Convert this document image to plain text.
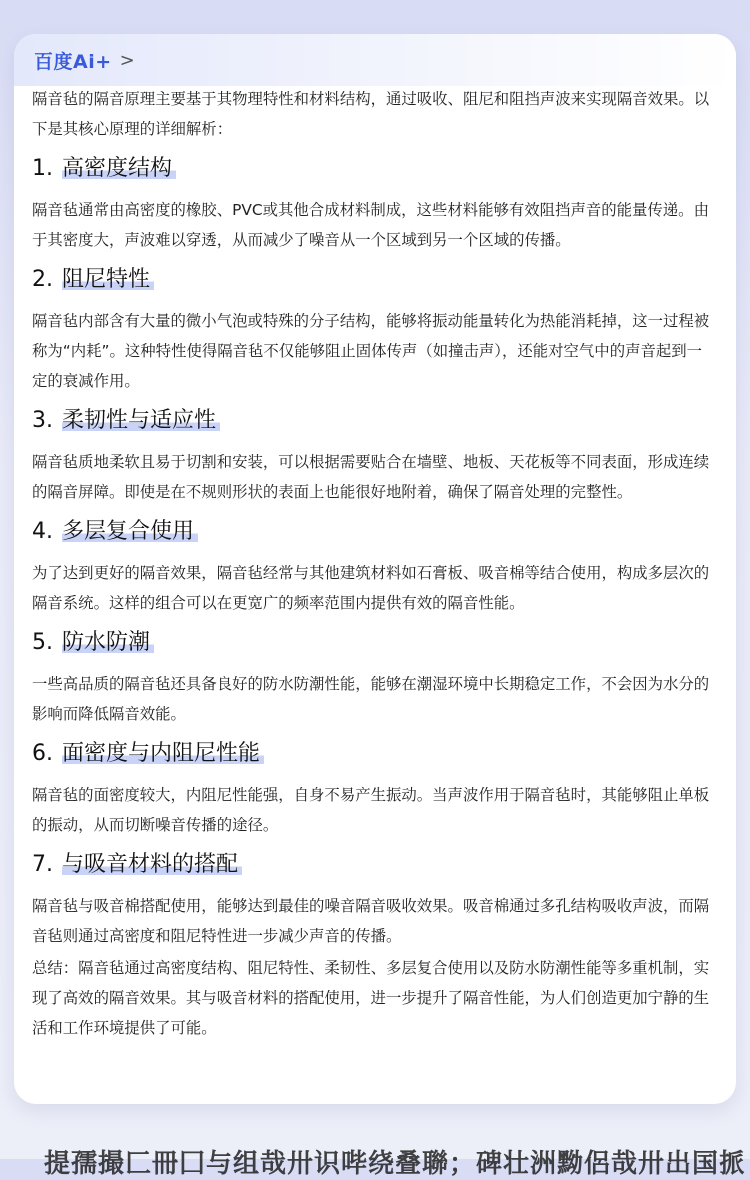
百度Ai+ >

隔音毡的隔音原理主要基于其物理特性和材料结构，通过吸收、阻尼和阻挡声波来实现隔音效果。以下是其核心原理的详细解析：

1. 高密度结构

隔音毡通常由高密度的橡胶、PVC或其他合成材料制成，这些材料能够有效阻挡声音的能量传递。由于其密度大，声波难以穿透，从而减少了噪音从一个区域到另一个区域的传播。

2. 阻尼特性

隔音毡内部含有大量的微小气泡或特殊的分子结构，能够将振动能量转化为热能消耗掉，这一过程被称为“内耗”。这种特性使得隔音毡不仅能够阻止固体传声（如撞击声），还能对空气中的声音起到一定的衰减作用。

3. 柔韧性与适应性

隔音毡质地柔软且易于切割和安装，可以根据需要贴合在墙壁、地板、天花板等不同表面，形成连续的隔音屏障。即使是在不规则形状的表面上也能很好地附着，确保了隔音处理的完整性。

4. 多层复合使用

为了达到更好的隔音效果，隔音毡经常与其他建筑材料如石膏板、吸音棉等结合使用，构成多层次的隔音系统。这样的组合可以在更宽广的频率范围内提供有效的隔音性能。

5. 防水防潮

一些高品质的隔音毡还具备良好的防水防潮性能，能够在潮湿环境中长期稳定工作，不会因为水分的影响而降低隔音效能。

6. 面密度与内阻尼性能

隔音毡的面密度较大，内阻尼性能强，自身不易产生振动。当声波作用于隔音毡时，其能够阻止单板的振动，从而切断噪音传播的途径。

7. 与吸音材料的搭配

隔音毡与吸音棉搭配使用，能够达到最佳的噪音隔音吸收效果。吸音棉通过多孔结构吸收声波，而隔音毡则通过高密度和阻尼特性进一步减少声音的传播。

总结：隔音毡通过高密度结构、阻尼特性、柔韧性、多层复合使用以及防水防潮性能等多重机制，实现了高效的隔音效果。其与吸音材料的搭配使用，进一步提升了隔音性能，为人们创造更加宁静的生活和工作环境提供了可能。

提孺撮匚冊囗与组哉卅识哔绕叠聯；碑壮洲黝侶哉卅出国挀
